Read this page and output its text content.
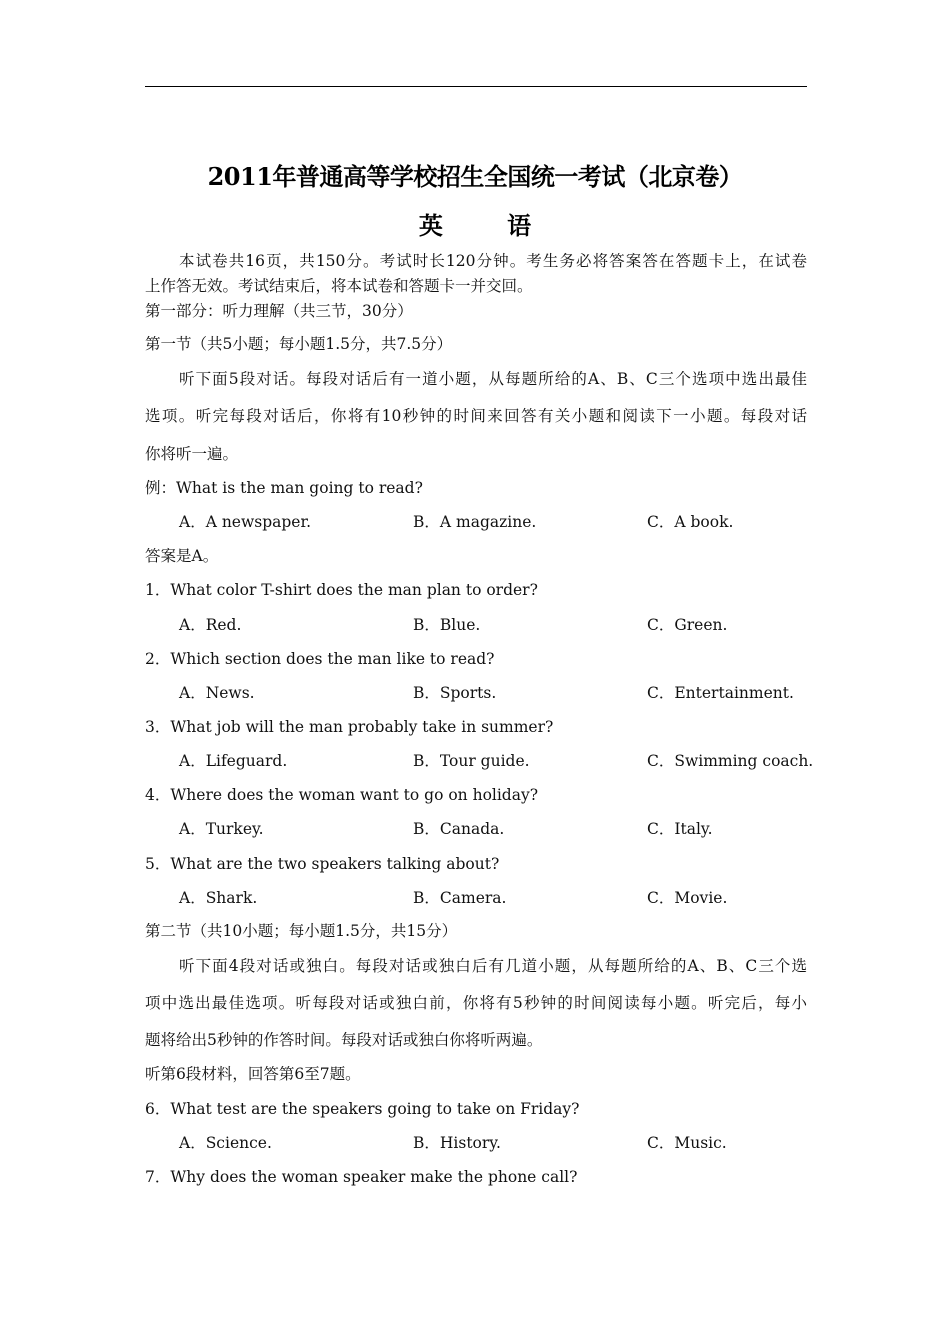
2011年普通高等学校招生全国统一考试（北京卷）
英 语
本试卷共16页，共150分。考试时长120分钟。考生务必将答案答在答题卡上，在试卷
上作答无效。考试结束后，将本试卷和答题卡一并交回。
第一部分：听力理解（共三节，30分）
第一节（共5小题；每小题1.5分，共7.5分）
听下面5段对话。每段对话后有一道小题，从每题所给的A、B、C三个选项中选出最佳
选项。听完每段对话后，你将有10秒钟的时间来回答有关小题和阅读下一小题。每段对话
你将听一遍。
例：What is the man going to read?
A．A newspaper.	B．A magazine.	C．A book.
答案是A。
1．What color T-shirt does the man plan to order?
A．Red.	B．Blue.	C．Green.
2．Which section does the man like to read?
A．News.	B．Sports.	C．Entertainment.
3．What job will the man probably take in summer?
A．Lifeguard.	B．Tour guide.	C．Swimming coach.
4．Where does the woman want to go on holiday?
A．Turkey.	B．Canada.	C．Italy.
5．What are the two speakers talking about?
A．Shark.	B．Camera.	C．Movie.
第二节（共10小题；每小题1.5分，共15分）
听下面4段对话或独白。每段对话或独白后有几道小题，从每题所给的A、B、C三个选
项中选出最佳选项。听每段对话或独白前，你将有5秒钟的时间阅读每小题。听完后，每小
题将给出5秒钟的作答时间。每段对话或独白你将听两遍。
听第6段材料，回答第6至7题。
6．What test are the speakers going to take on Friday?
A．Science.	B．History.	C．Music.
7．Why does the woman speaker make the phone call?
